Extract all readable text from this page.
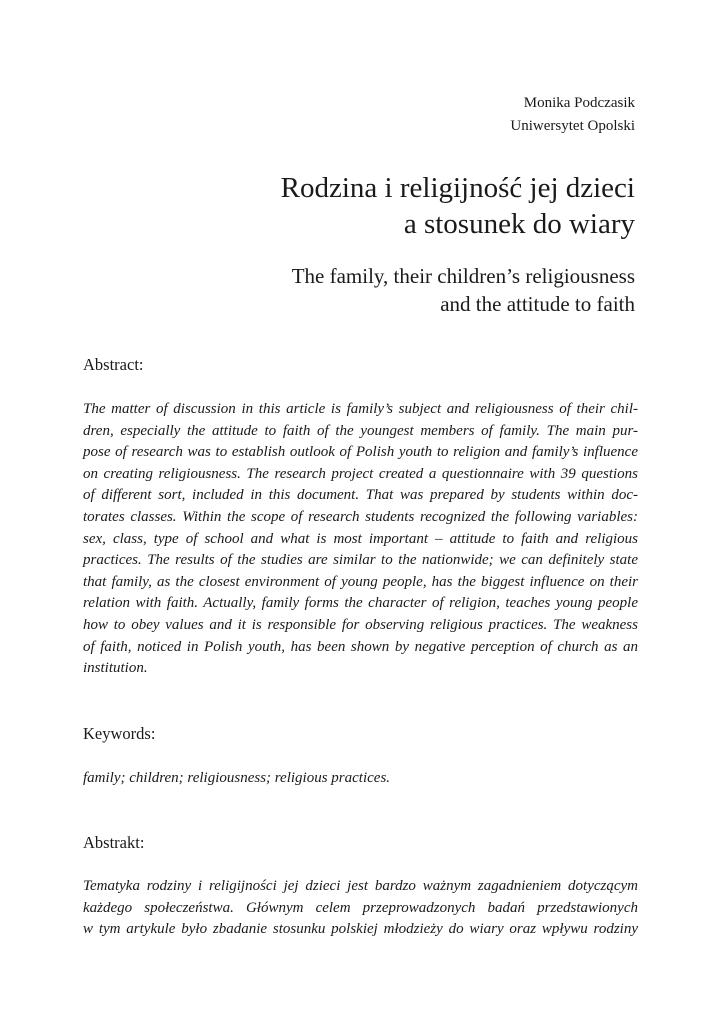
Monika Podczasik
Uniwersytet Opolski
Rodzina i religijność jej dzieci
a stosunek do wiary
The family, their children’s religiousness
and the attitude to faith
Abstract:
The matter of discussion in this article is family’s subject and religiousness of their chil-
dren, especially the attitude to faith of the youngest members of family. The main pur-
pose of research was to establish outlook of Polish youth to religion and family’s influence
on creating religiousness. The research project created a questionnaire with 39 questions
of different sort, included in this document. That was prepared by students within doc-
torates classes. Within the scope of research students recognized the following variables:
sex, class, type of school and what is most important – attitude to faith and religious
practices. The results of the studies are similar to the nationwide; we can definitely state
that family, as the closest environment of young people, has the biggest influence on their
relation with faith. Actually, family forms the character of religion, teaches young people
how to obey values and it is responsible for observing religious practices. The weakness
of faith, noticed in Polish youth, has been shown by negative perception of church as an
institution.
Keywords:
family; children; religiousness; religious practices.
Abstrakt:
Tematyka rodziny i religijności jej dzieci jest bardzo ważnym zagadnieniem dotyczącym
każdego społeczeństwa. Głównym celem przeprowadzonych badań przedstawionych
w tym artykule było zbadanie stosunku polskiej młodzieży do wiary oraz wpływu rodziny
